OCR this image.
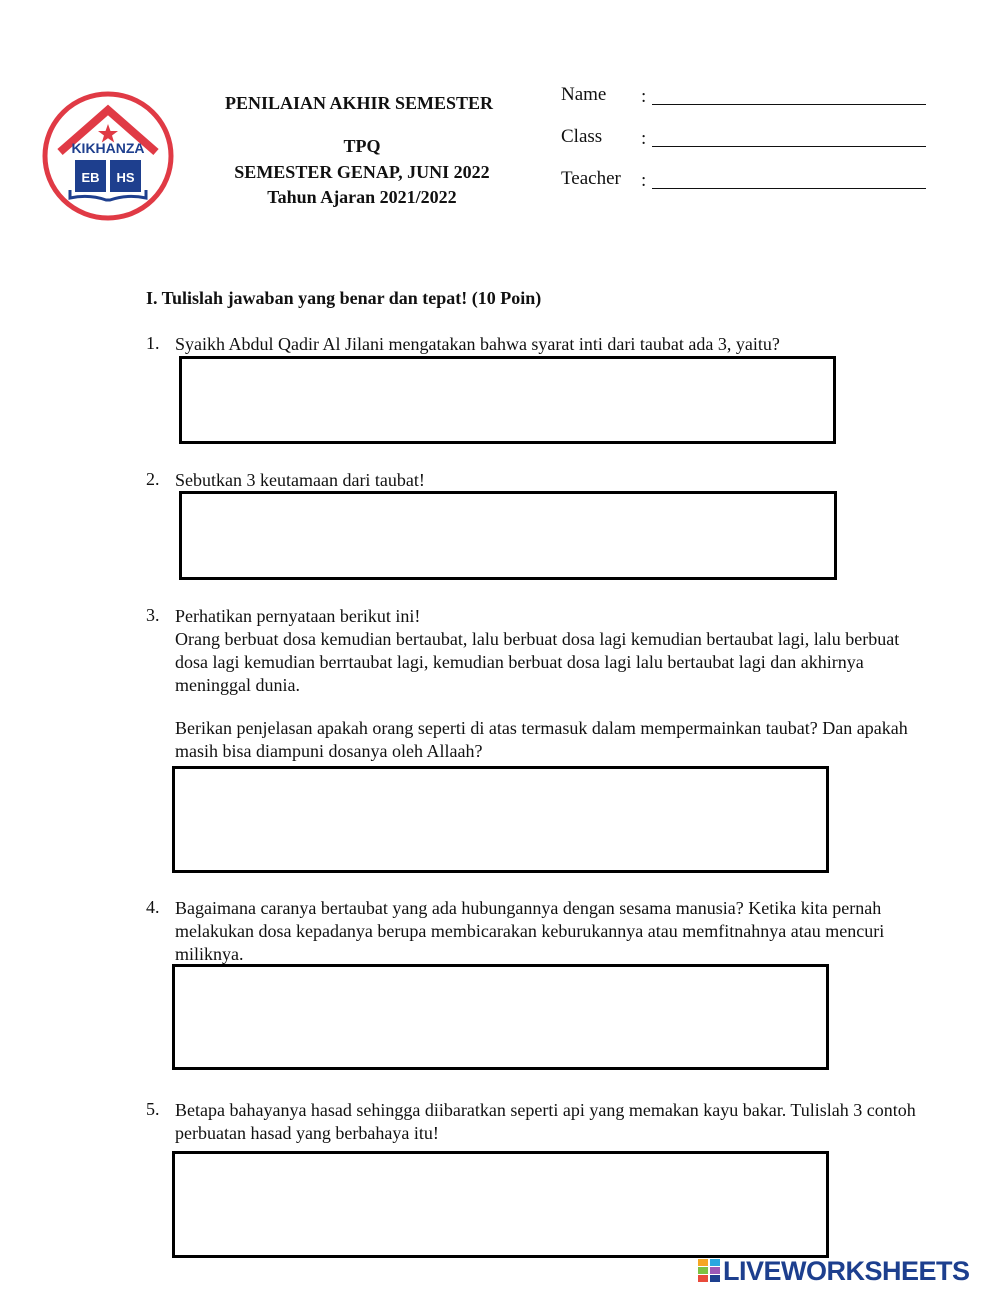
KIKHANZA
EB HS
PENILAIAN AKHIR SEMESTER
TPQ
SEMESTER GENAP, JUNI 2022
Tahun Ajaran 2021/2022
Name :
Class :
Teacher :
I. Tulislah jawaban yang benar dan tepat! (10 Poin)
1. Syaikh Abdul Qadir Al Jilani mengatakan bahwa syarat inti dari taubat ada 3, yaitu?
2. Sebutkan 3 keutamaan dari taubat!
3. Perhatikan pernyataan berikut ini!
Orang berbuat dosa kemudian bertaubat, lalu berbuat dosa lagi kemudian bertaubat lagi, lalu berbuat dosa lagi kemudian berrtaubat lagi, kemudian berbuat dosa lagi lalu bertaubat lagi dan akhirnya meninggal dunia.
Berikan penjelasan apakah orang seperti di atas termasuk dalam mempermainkan taubat? Dan apakah masih bisa diampuni dosanya oleh Allaah?
4. Bagaimana caranya bertaubat yang ada hubungannya dengan sesama manusia? Ketika kita pernah melakukan dosa kepadanya berupa membicarakan keburukannya atau memfitnahnya atau mencuri miliknya.
5. Betapa bahayanya hasad sehingga diibaratkan seperti api yang memakan kayu bakar. Tulislah 3 contoh perbuatan hasad yang berbahaya itu!
LIVEWORKSHEETS
